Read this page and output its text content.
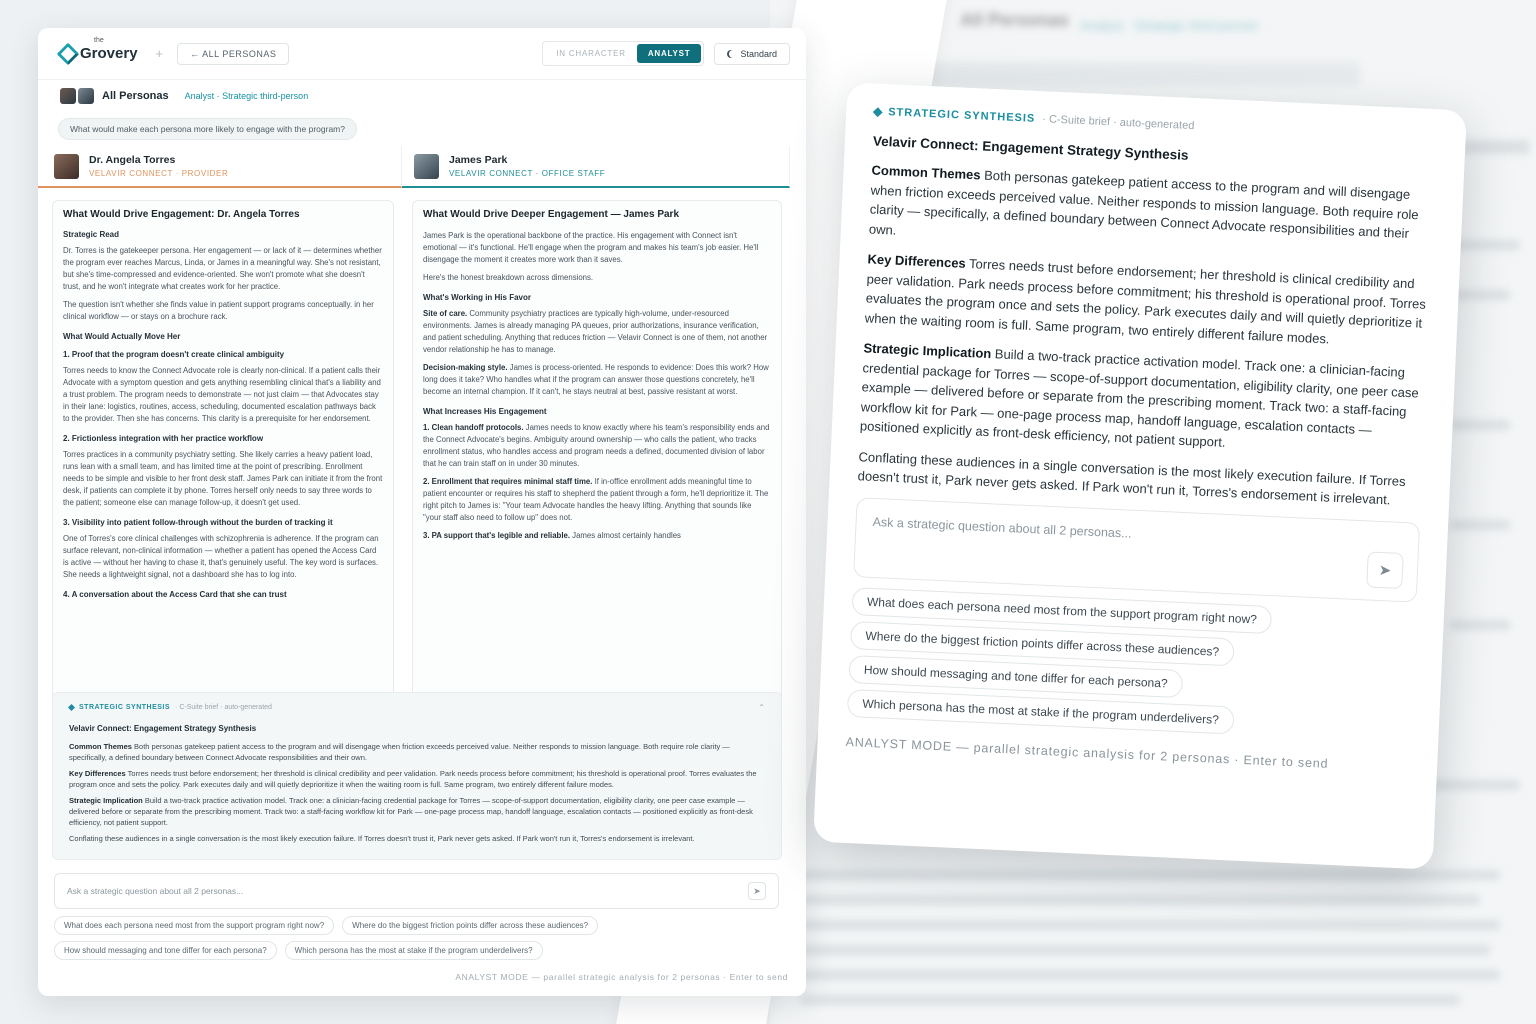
All Personas Analyst · Strategic third-person
the
Grovery +	← ALL PERSONAS	IN CHARACTER	ANALYST	Standard
All Personas Analyst · Strategic third-person
What would make each persona more likely to engage with the program?
Dr. Angela Torres
VELAVIR CONNECT · PROVIDER
James Park
VELAVIR CONNECT · OFFICE STAFF
What Would Drive Engagement: Dr. Angela Torres
Strategic Read

Dr. Torres is the gatekeeper persona. Her engagement — or lack of it — determines whether the program ever reaches Marcus, Linda, or James in a meaningful way. She's not resistant, but she's time-compressed and evidence-oriented. She won't promote what she doesn't trust, and he won't integrate what creates work for her practice.

The question isn't whether she finds value in patient support programs conceptually. in her clinical workflow — or stays on a brochure rack.

What Would Actually Move Her
1. Proof that the program doesn't create clinical ambiguity

Torres needs to know the Connect Advocate role is clearly non-clinical. If a patient calls their Advocate with a symptom question and gets anything resembling clinical that's a liability and a trust problem. The program needs to demonstrate — not just claim — that Advocates stay in their lane: logistics, routines, access, scheduling, documented escalation pathways back to the provider. Then she has concerns. This clarity is a prerequisite for her endorsement.

2. Frictionless integration with her practice workflow

Torres practices in a community psychiatry setting. She likely carries a heavy patient load, runs lean with a small team, and has limited time at the point of prescribing. Enrollment needs to be simple and visible to her front desk staff. James Park can initiate it from the front desk, if patients can complete it by phone. Torres herself only needs to say three words to the patient; someone else can manage follow-up, it doesn't get used.

3. Visibility into patient follow-through without the burden of tracking it

One of Torres's core clinical challenges with schizophrenia is adherence. If the program can surface relevant, non-clinical information — whether a patient has opened the Access Card is active — without her having to chase it, that's genuinely useful. The key word is surfaces. She needs a lightweight signal, not a dashboard she has to log into.

4. A conversation about the Access Card that she can trust
What Would Drive Deeper Engagement — James Park

James Park is the operational backbone of the practice. His engagement with Connect isn't emotional — it's functional. He'll engage when the program and makes his team's job easier. He'll disengage the moment it creates more work than it saves.

Here's the honest breakdown across dimensions.

What's Working in His Favor

Site of care. Community psychiatry practices are typically high-volume, under-resourced environments. James is already managing PA queues, prior authorizations, insurance verification, and patient scheduling. Anything that reduces friction — Velavir Connect is one of them, not another vendor relationship he has to manage.

Decision-making style. James is process-oriented. He responds to evidence: Does this work? How long does it take? Who handles what if the program can answer those questions concretely, he'll become an internal champion. If it can't, he stays neutral at best, passive resistant at worst.

What Increases His Engagement

1. Clean handoff protocols. James needs to know exactly where his team's responsibility ends and the Connect Advocate's begins. Ambiguity around ownership — who calls the patient, who tracks enrollment status, who handles access and program needs a defined, documented division of labor that he can train staff on in under 30 minutes.

2. Enrollment that requires minimal staff time. If in-office enrollment adds meaningful time to patient encounter or requires his staff to shepherd the patient through a form, he'll deprioritize it. The right pitch to James is: "Your team Advocate handles the heavy lifting. Anything that sounds like "your staff also need to follow up" does not.

3. PA support that's legible and reliable. James almost certainly handles

STRATEGIC SYNTHESIS · C-Suite brief · auto-generated	⌃
Velavir Connect: Engagement Strategy Synthesis

Common Themes Both personas gatekeep patient access to the program and will disengage when friction exceeds perceived value. Neither responds to mission language. Both require role clarity — specifically, a defined boundary between Connect Advocate responsibilities and their own.

Key Differences Torres needs trust before endorsement; her threshold is clinical credibility and peer validation. Park needs process before commitment; his threshold is operational proof. Torres evaluates the program once and sets the policy. Park executes daily and will quietly deprioritize it when the waiting room is full. Same program, two entirely different failure modes.

Strategic Implication Build a two-track practice activation model. Track one: a clinician-facing credential package for Torres — scope-of-support documentation, eligibility clarity, one peer case example — delivered before or separate from the prescribing moment. Track two: a staff-facing workflow kit for Park — one-page process map, handoff language, escalation contacts — positioned explicitly as front-desk efficiency, not patient support.

Conflating these audiences in a single conversation is the most likely execution failure. If Torres doesn't trust it, Park never gets asked. If Park won't run it, Torres's endorsement is irrelevant.

Ask a strategic question about all 2 personas...	➤
What does each persona need most from the support program right now?	Where do the biggest friction points differ across these audiences?
How should messaging and tone differ for each persona?	Which persona has the most at stake if the program underdelivers?
ANALYST MODE — parallel strategic analysis for 2 personas · Enter to send
STRATEGIC SYNTHESIS · C-Suite brief · auto-generated
Velavir Connect: Engagement Strategy Synthesis

Common Themes Both personas gatekeep patient access to the program and will disengage when friction exceeds perceived value. Neither responds to mission language. Both require role clarity — specifically, a defined boundary between Connect Advocate responsibilities and their own.

Key Differences Torres needs trust before endorsement; her threshold is clinical credibility and peer validation. Park needs process before commitment; his threshold is operational proof. Torres evaluates the program once and sets the policy. Park executes daily and will quietly deprioritize it when the waiting room is full. Same program, two entirely different failure modes.

Strategic Implication Build a two-track practice activation model. Track one: a clinician-facing credential package for Torres — scope-of-support documentation, eligibility clarity, one peer case example — delivered before or separate from the prescribing moment. Track two: a staff-facing workflow kit for Park — one-page process map, handoff language, escalation contacts — positioned explicitly as front-desk efficiency, not patient support.

Conflating these audiences in a single conversation is the most likely execution failure. If Torres doesn't trust it, Park never gets asked. If Park won't run it, Torres's endorsement is irrelevant.

Ask a strategic question about all 2 personas...
➤
What does each persona need most from the support program right now?
Where do the biggest friction points differ across these audiences?
How should messaging and tone differ for each persona?
Which persona has the most at stake if the program underdelivers?
ANALYST MODE — parallel strategic analysis for 2 personas · Enter to send
